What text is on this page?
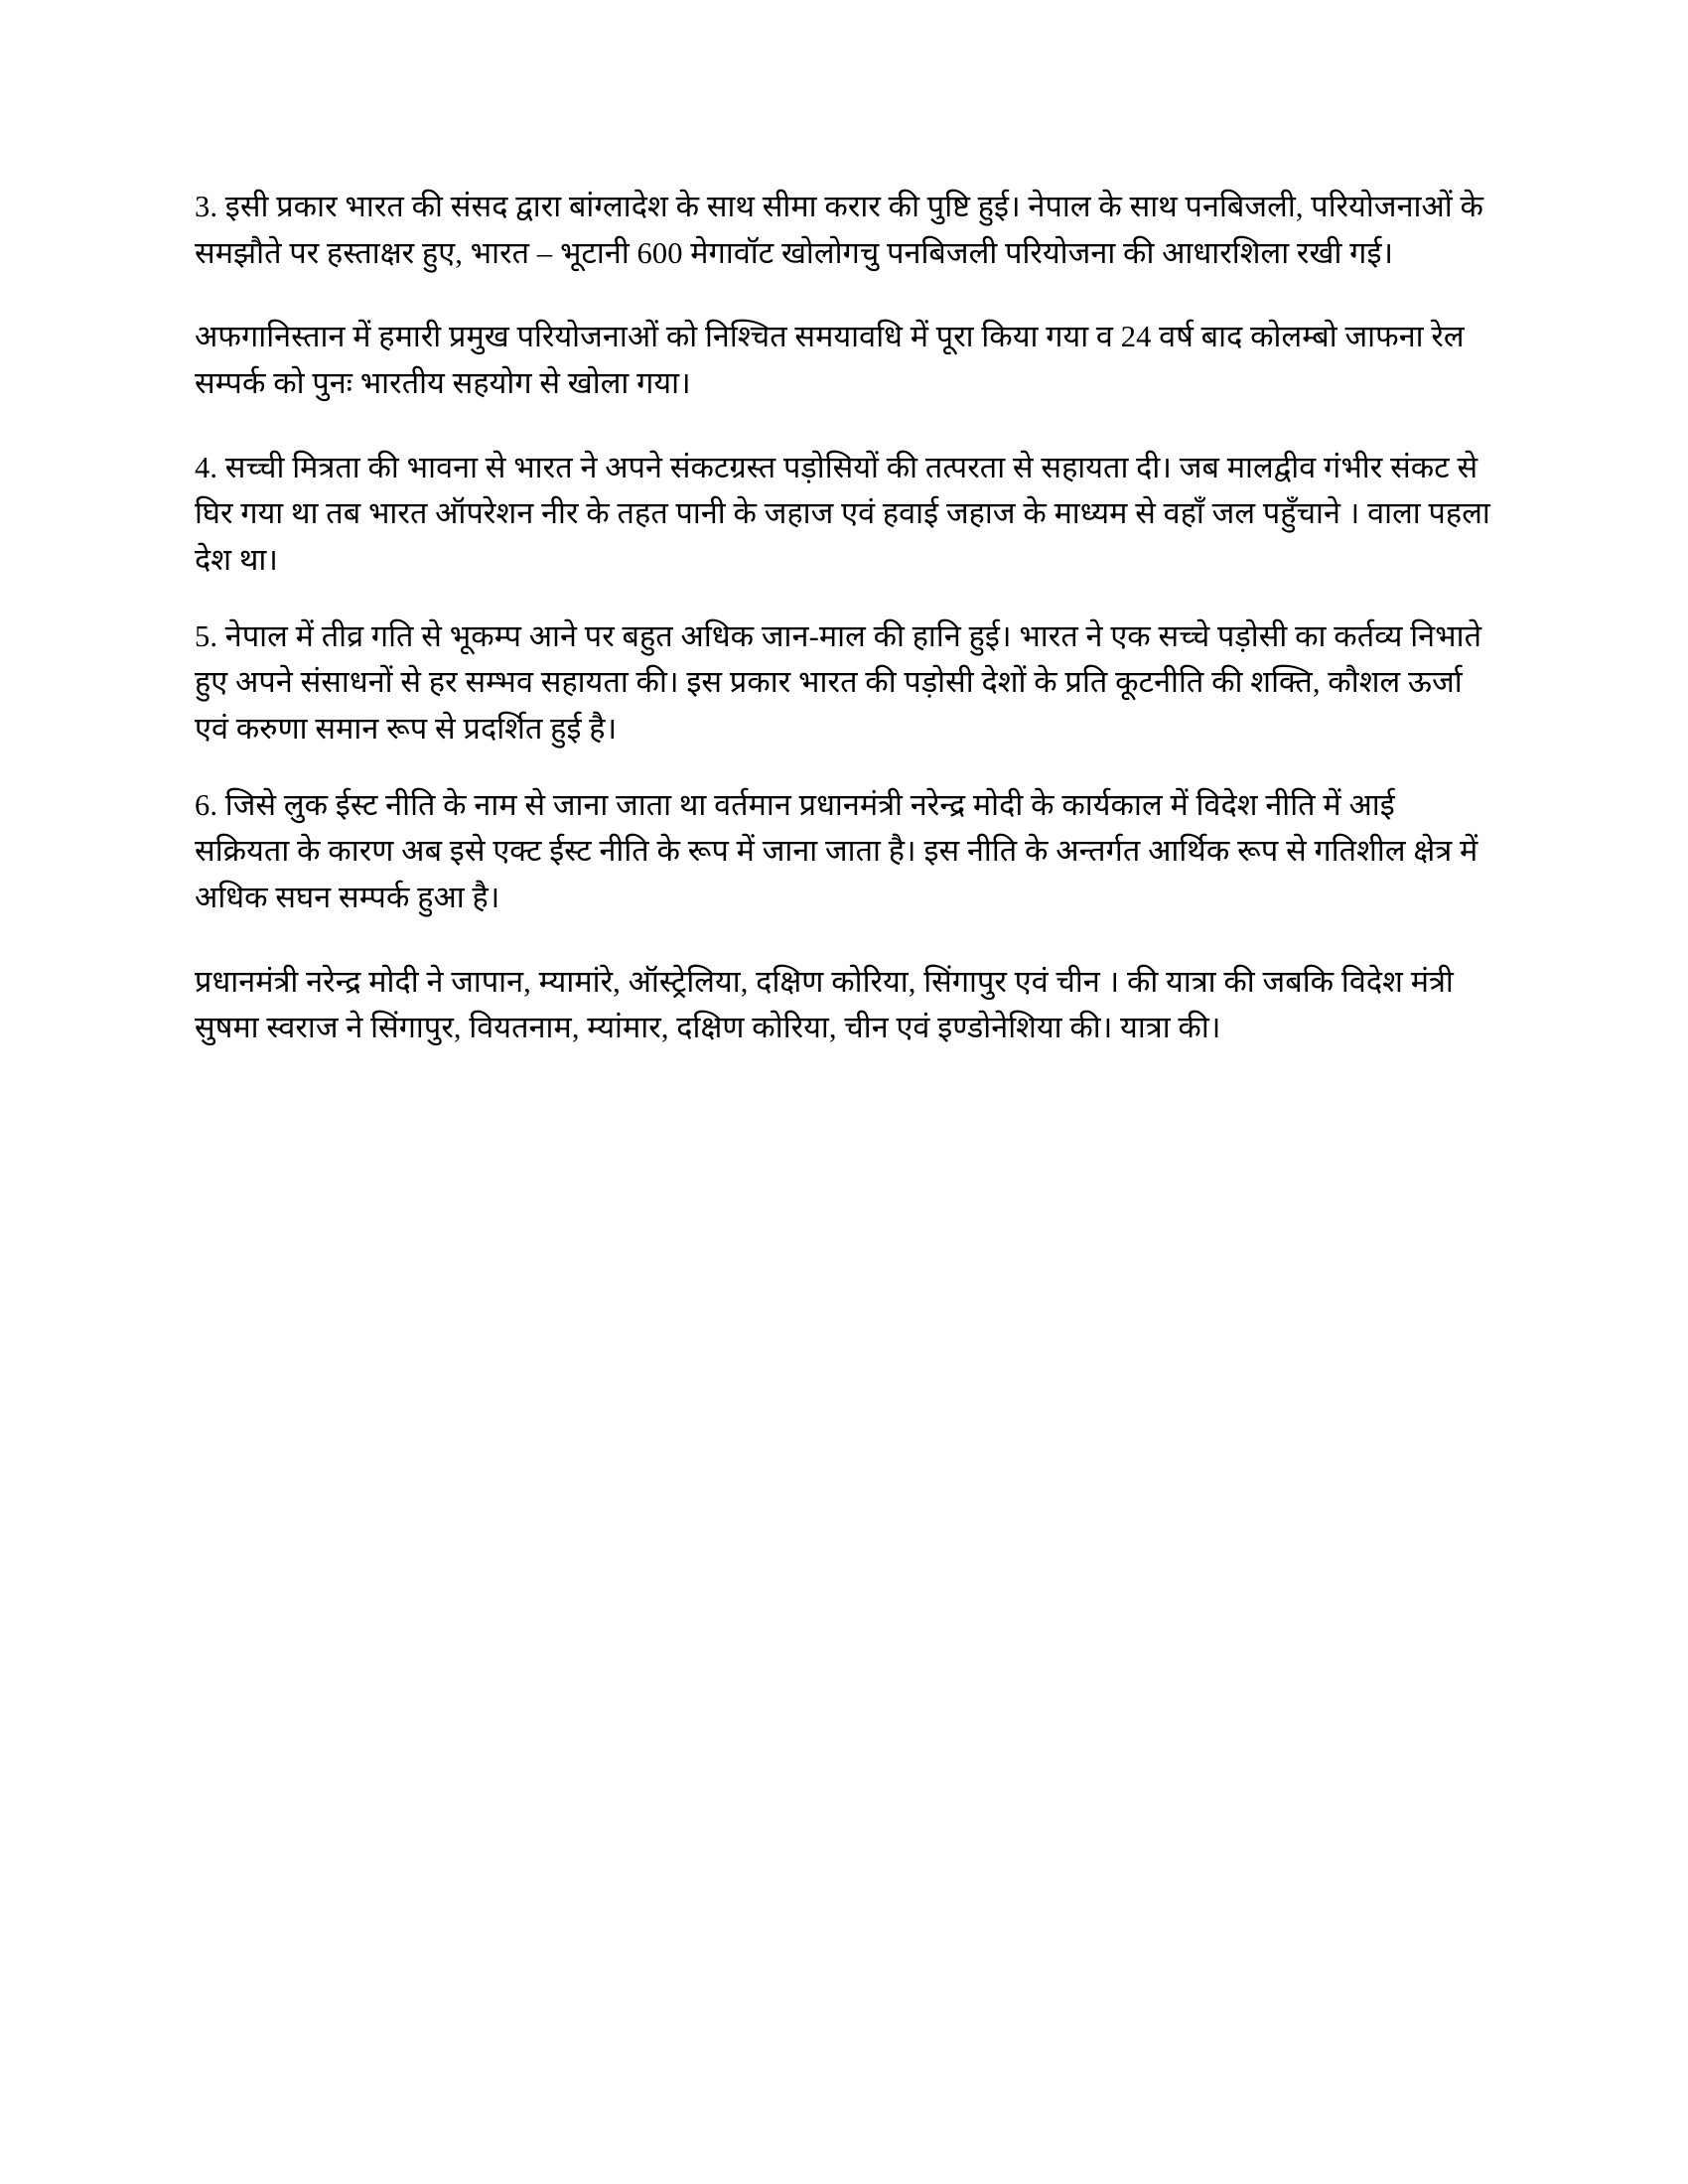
3. इसी प्रकार भारत की संसद द्वारा बांग्लादेश के साथ सीमा करार की पुष्टि हुई। नेपाल के साथ पनबिजली, परियोजनाओं के समझौते पर हस्ताक्षर हुए, भारत – भूटानी 600 मेगावॉट खोलोगचु पनबिजली परियोजना की आधारशिला रखी गई।

अफगानिस्तान में हमारी प्रमुख परियोजनाओं को निश्चित समयावधि में पूरा किया गया व 24 वर्ष बाद कोलम्बो जाफना रेल सम्पर्क को पुनः भारतीय सहयोग से खोला गया।

4. सच्ची मित्रता की भावना से भारत ने अपने संकटग्रस्त पड़ोसियों की तत्परता से सहायता दी। जब मालद्वीव गंभीर संकट से घिर गया था तब भारत ऑपरेशन नीर के तहत पानी के जहाज एवं हवाई जहाज के माध्यम से वहाँ जल पहुँचाने । वाला पहला देश था।

5. नेपाल में तीव्र गति से भूकम्प आने पर बहुत अधिक जान-माल की हानि हुई। भारत ने एक सच्चे पड़ोसी का कर्तव्य निभाते हुए अपने संसाधनों से हर सम्भव सहायता की। इस प्रकार भारत की पड़ोसी देशों के प्रति कूटनीति की शक्ति, कौशल ऊर्जा एवं करुणा समान रूप से प्रदर्शित हुई है।

6. जिसे लुक ईस्ट नीति के नाम से जाना जाता था वर्तमान प्रधानमंत्री नरेन्द्र मोदी के कार्यकाल में विदेश नीति में आई सक्रियता के कारण अब इसे एक्ट ईस्ट नीति के रूप में जाना जाता है। इस नीति के अन्तर्गत आर्थिक रूप से गतिशील क्षेत्र में अधिक सघन सम्पर्क हुआ है।

प्रधानमंत्री नरेन्द्र मोदी ने जापान, म्यामांरे, ऑस्ट्रेलिया, दक्षिण कोरिया, सिंगापुर एवं चीन । की यात्रा की जबकि विदेश मंत्री सुषमा स्वराज ने सिंगापुर, वियतनाम, म्यांमार, दक्षिण कोरिया, चीन एवं इण्डोनेशिया की। यात्रा की।
